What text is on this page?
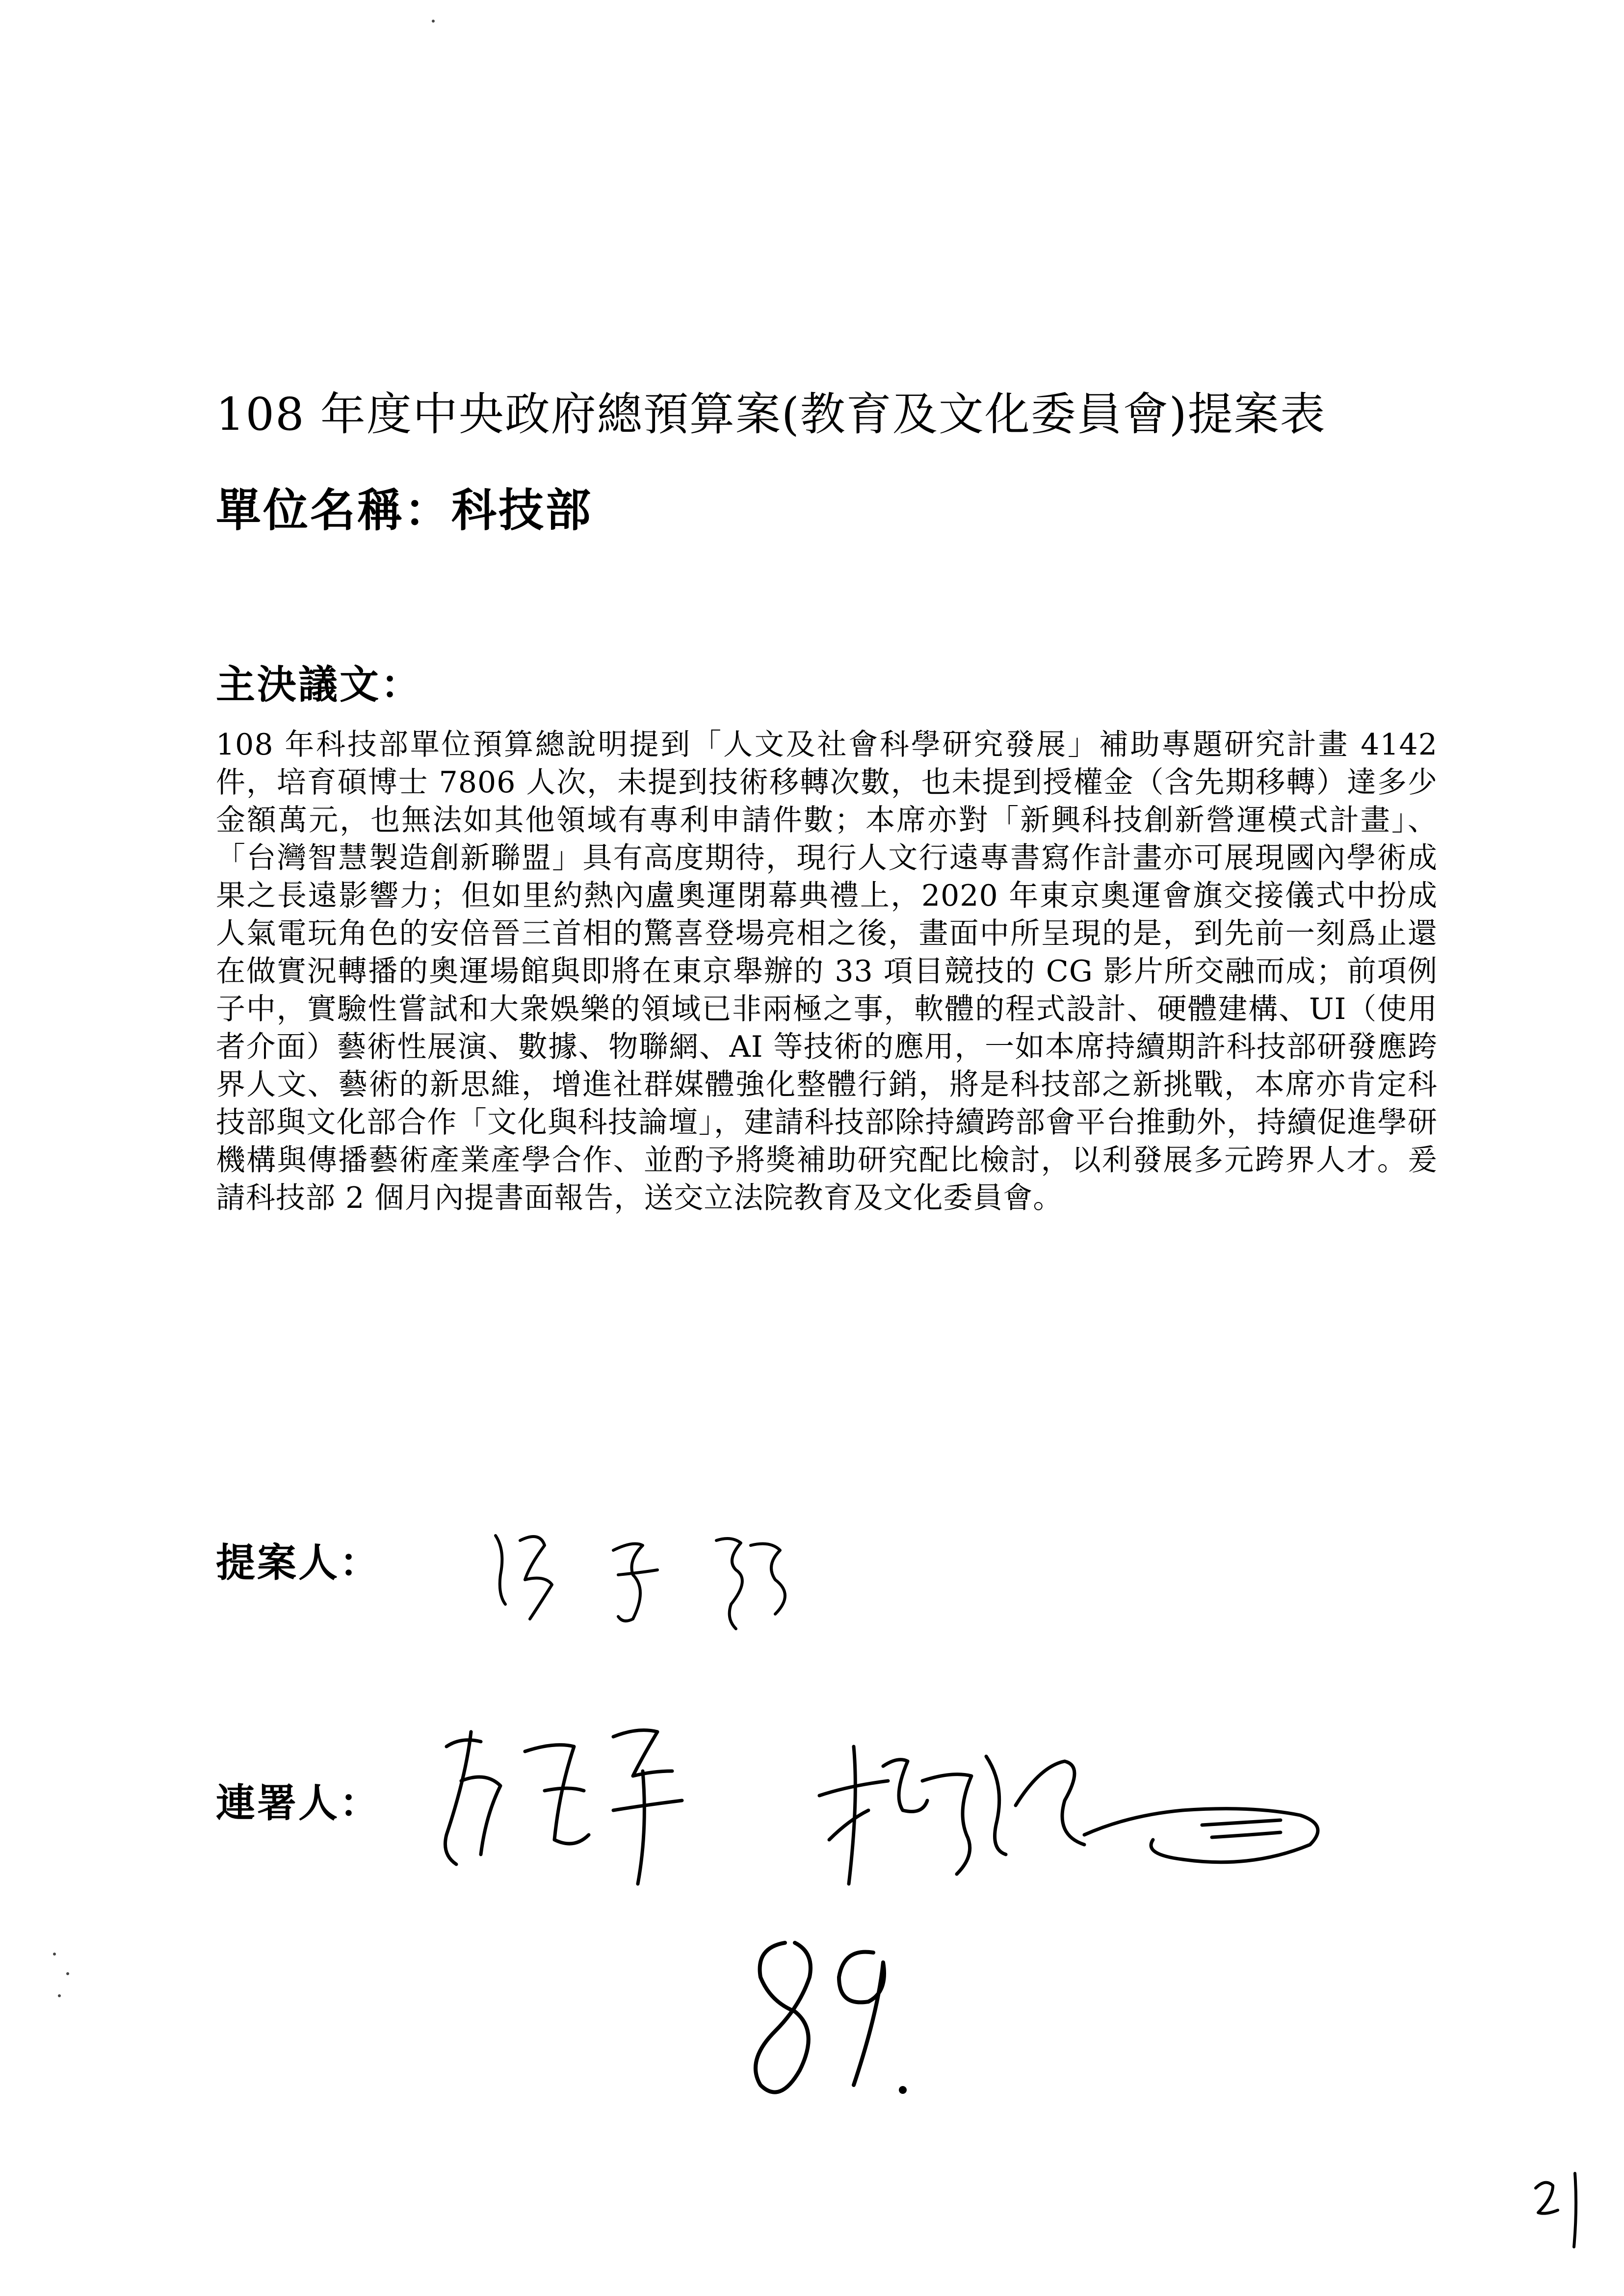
108 年度中央政府總預算案(教育及文化委員會)提案表
單位名稱：科技部
主決議文：
108 年科技部單位預算總說明提到「人文及社會科學研究發展」補助專題研究計畫 4142 件，培育碩博士 7806 人次，未提到技術移轉次數，也未提到授權金（含先期移轉）達多少金額萬元，也無法如其他領域有專利申請件數；本席亦對「新興科技創新營運模式計畫」、「台灣智慧製造創新聯盟」具有高度期待，現行人文行遠專書寫作計畫亦可展現國內學術成果之長遠影響力；但如里約熱內盧奧運閉幕典禮上，2020 年東京奧運會旗交接儀式中扮成人氣電玩角色的安倍晉三首相的驚喜登場亮相之後，畫面中所呈現的是，到先前一刻爲止還在做實況轉播的奧運場館與即將在東京舉辦的 33 項目競技的 CG 影片所交融而成；前項例子中，實驗性嘗試和大衆娛樂的領域已非兩極之事，軟體的程式設計、硬體建構、UI（使用者介面）藝術性展演、數據、物聯網、AI 等技術的應用，一如本席持續期許科技部研發應跨界人文、藝術的新思維，增進社群媒體強化整體行銷，將是科技部之新挑戰，本席亦肯定科技部與文化部合作「文化與科技論壇」，建請科技部除持續跨部會平台推動外，持續促進學研機構與傳播藝術產業產學合作、並酌予將獎補助研究配比檢討，以利發展多元跨界人才。爰請科技部 2 個月內提書面報告，送交立法院教育及文化委員會。
提案人：
連署人：
